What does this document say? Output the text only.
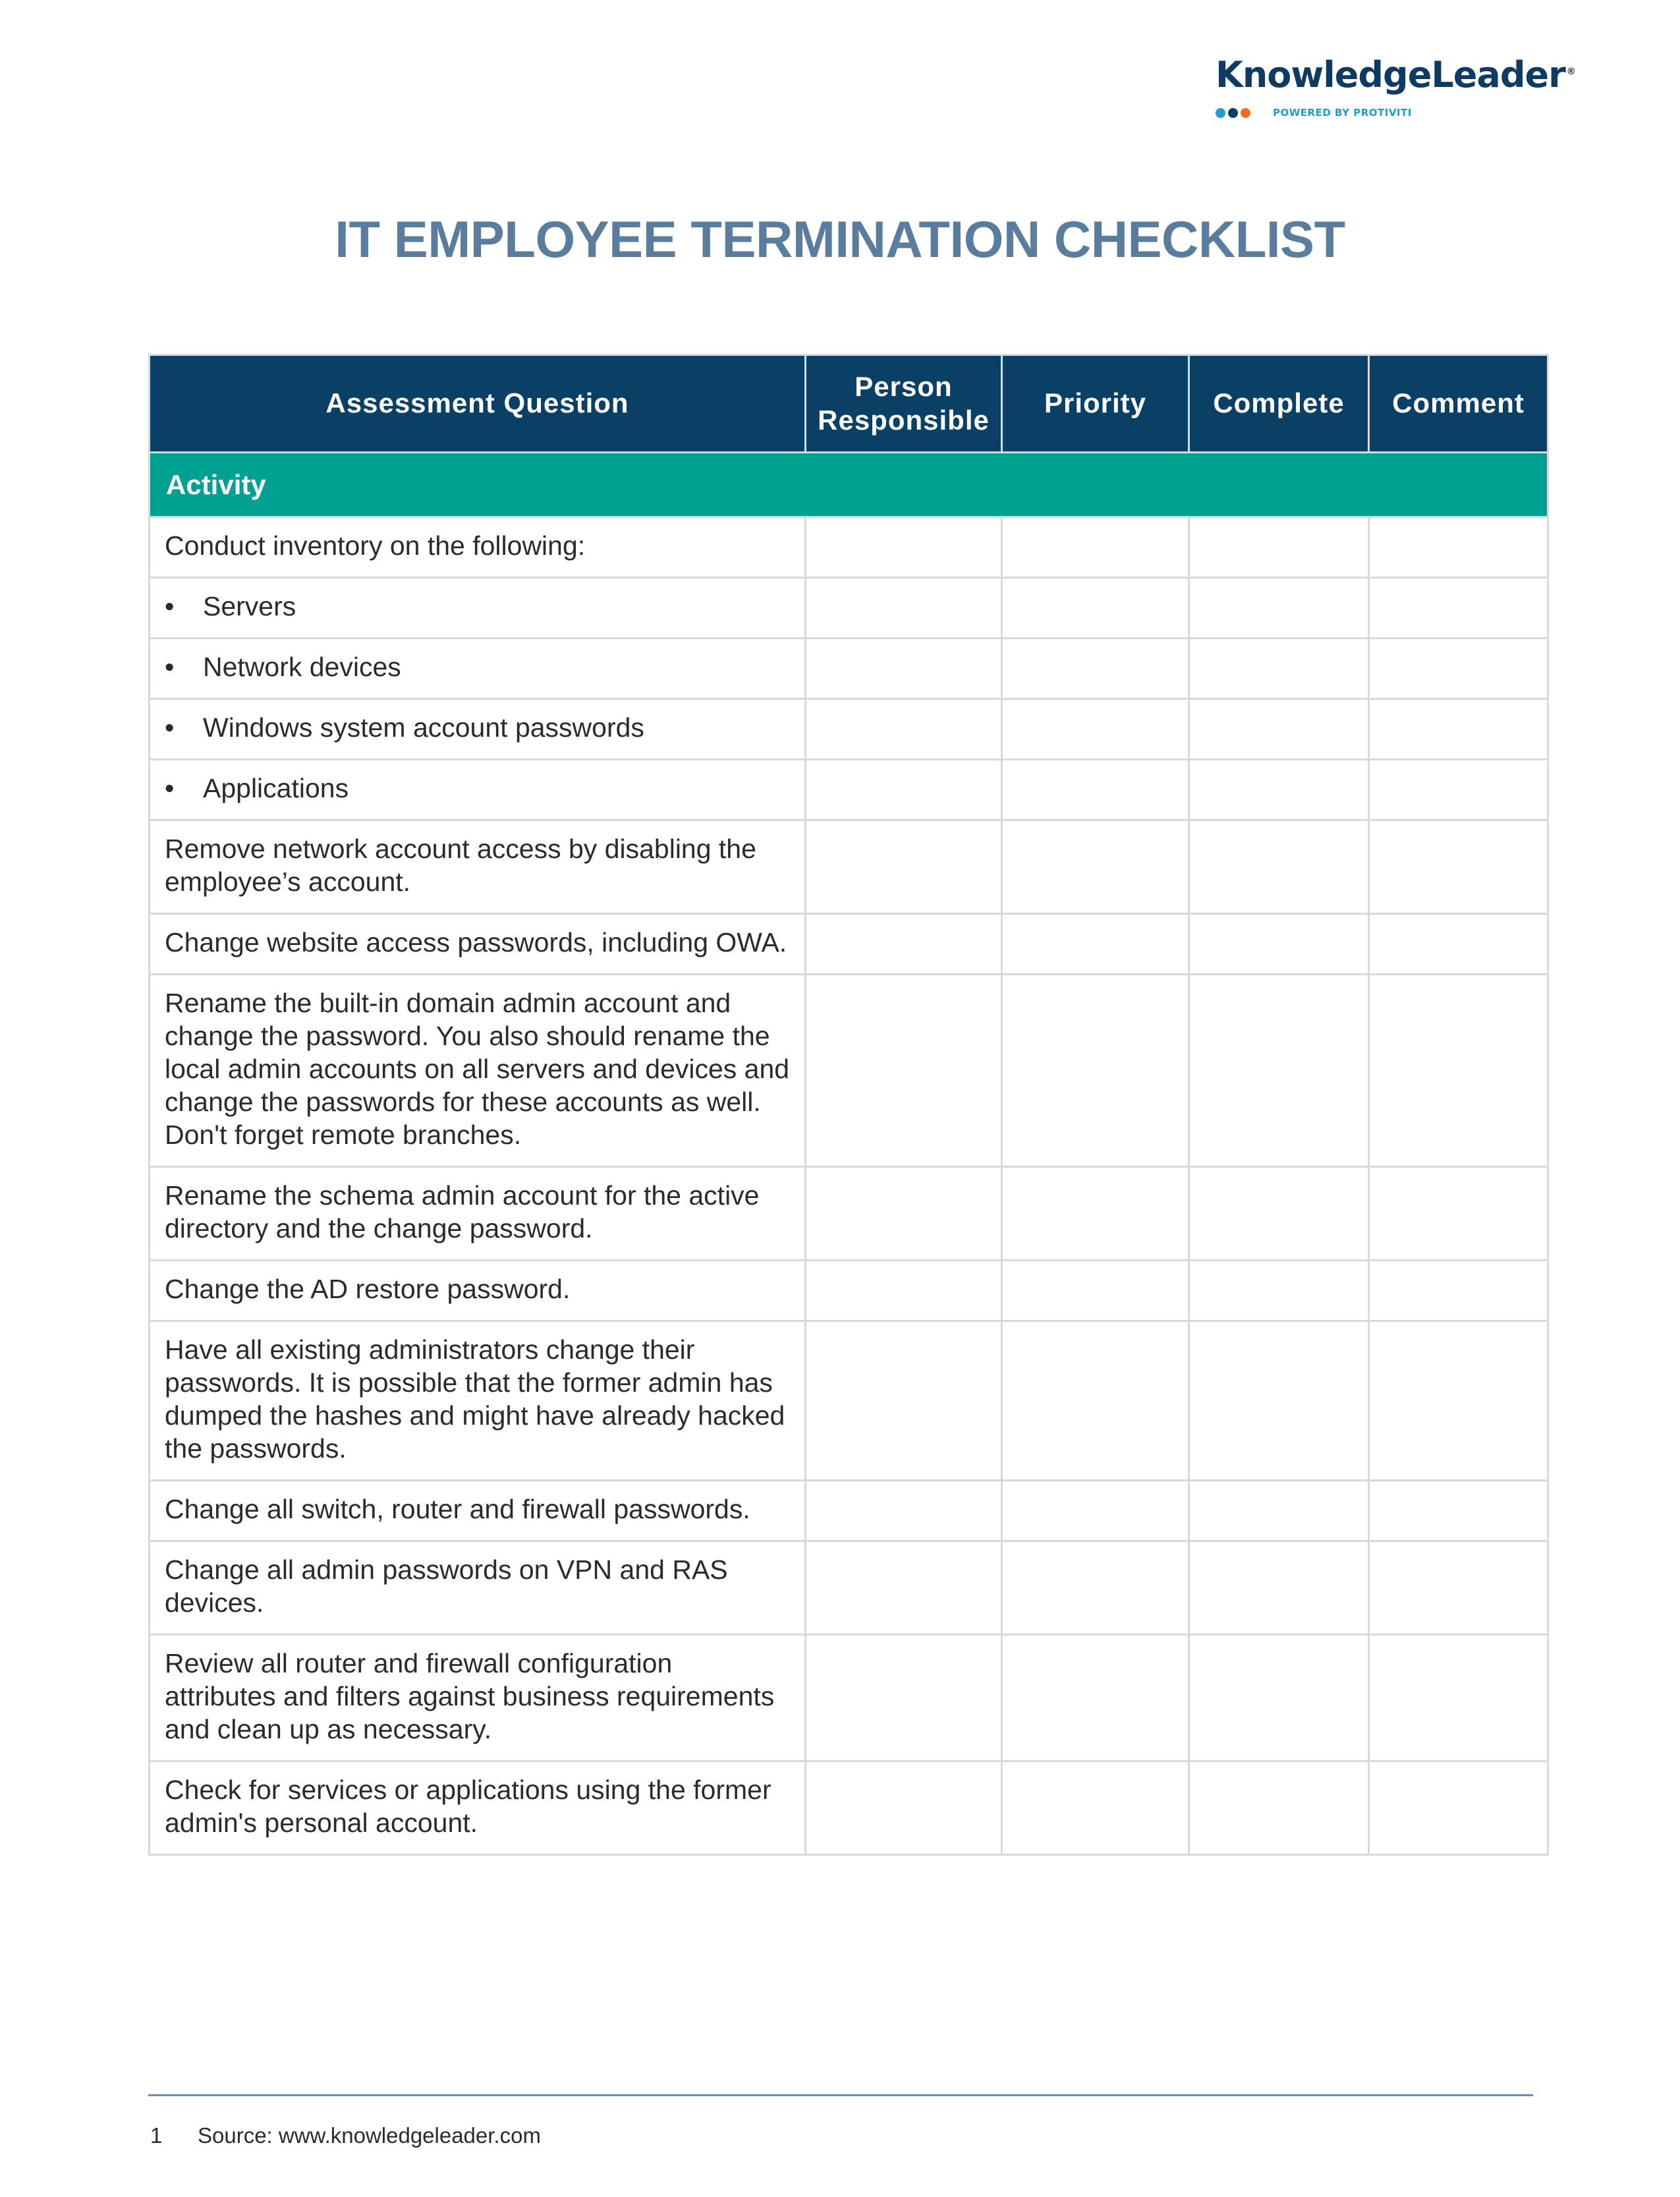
KnowledgeLeader ®
POWERED BY PROTIVITI
IT EMPLOYEE TERMINATION CHECKLIST
Assessment Question	Person Responsible	Priority	Complete	Comment
Activity				
Conduct inventory on the following:				
• Servers				
• Network devices				
• Windows system account passwords				
• Applications				
Remove network account access by disabling the employee’s account.				
Change website access passwords, including OWA.				
Rename the built-in domain admin account and change the password. You also should rename the local admin accounts on all servers and devices and change the passwords for these accounts as well. Don't forget remote branches.				
Rename the schema admin account for the active directory and the change password.				
Change the AD restore password.				
Have all existing administrators change their passwords. It is possible that the former admin has dumped the hashes and might have already hacked the passwords.				
Change all switch, router and firewall passwords.				
Change all admin passwords on VPN and RAS devices.				
Review all router and firewall configuration attributes and filters against business requirements and clean up as necessary.				
Check for services or applications using the former admin's personal account.				
1 Source: www.knowledgeleader.com
